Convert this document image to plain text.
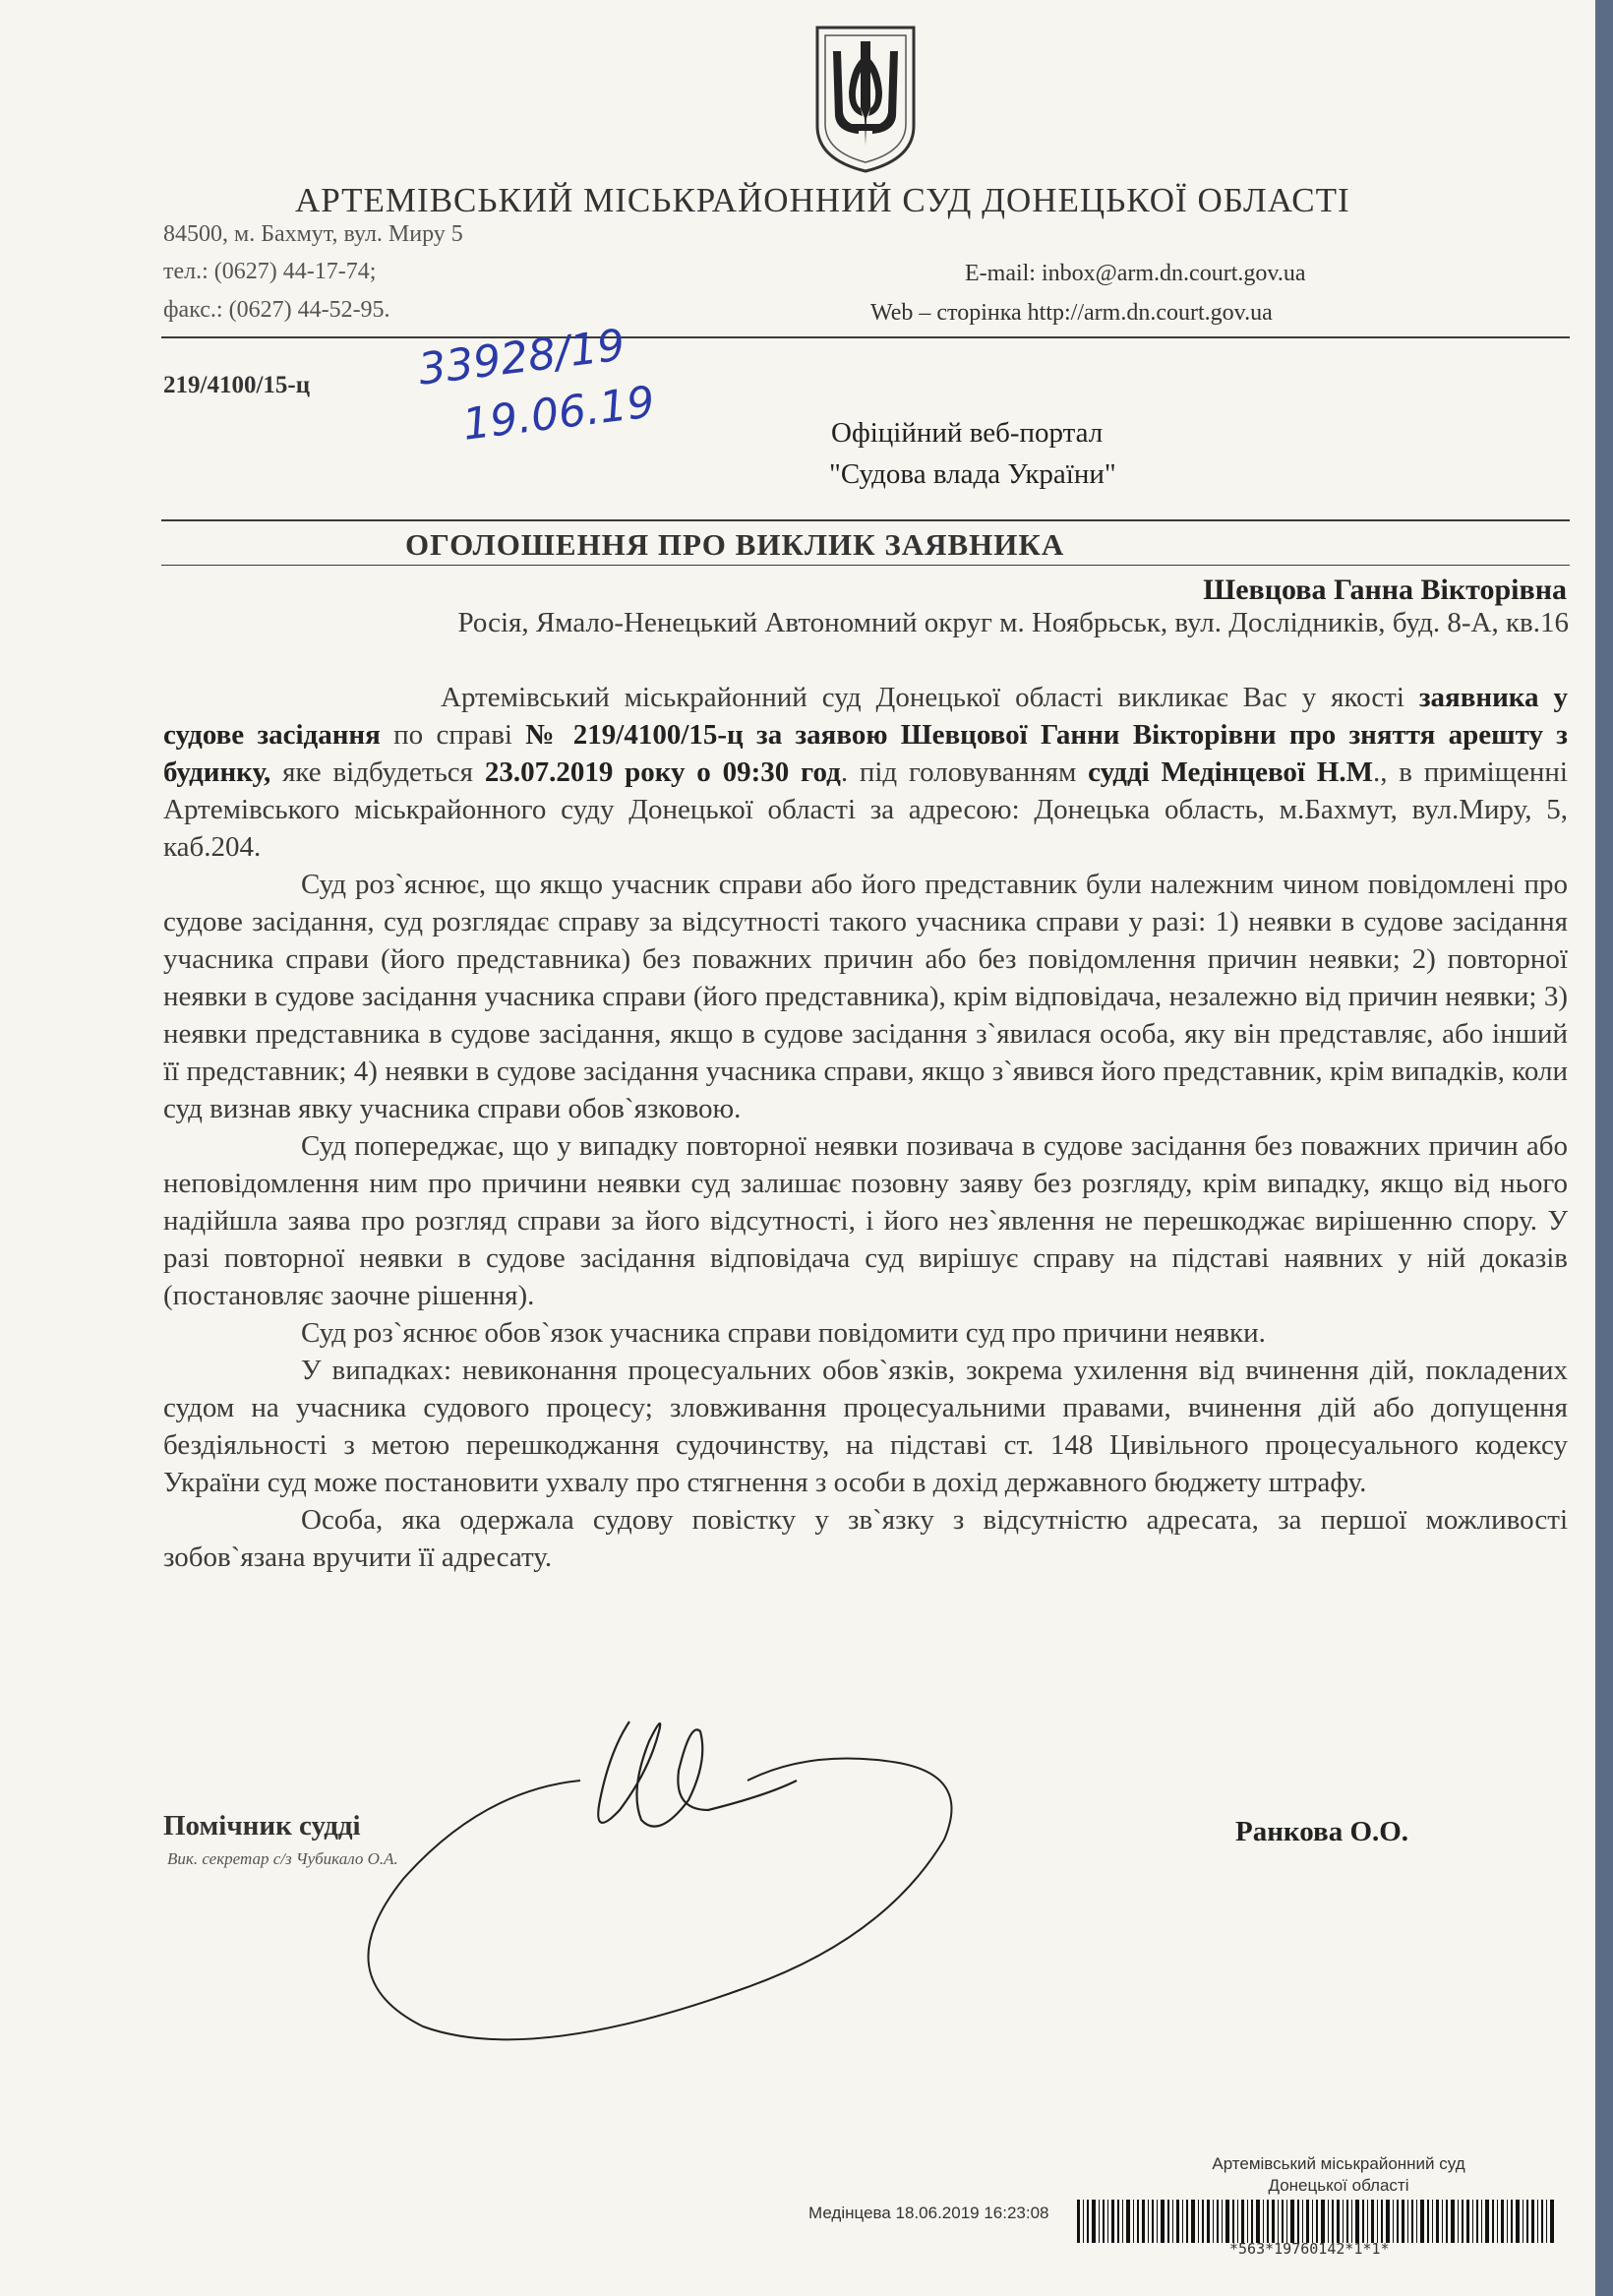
АРТЕМІВСЬКИЙ МІСЬКРАЙОННИЙ СУД ДОНЕЦЬКОЇ ОБЛАСТІ
84500, м. Бахмут, вул. Миру 5
тел.: (0627) 44-17-74;
факс.: (0627) 44-52-95.
E-mail: inbox@arm.dn.court.gov.ua
Web – сторінка http://arm.dn.court.gov.ua
219/4100/15-ц 33928/19
19.06.19	Офіційний веб-портал
"Судова влада України"
ОГОЛОШЕННЯ ПРО ВИКЛИК ЗАЯВНИКА
Шевцова Ганна Вікторівна
Росія, Ямало-Ненецький Автономний округ м. Ноябрьськ, вул. Дослідників, буд. 8-А, кв.16

Артемівський міськрайонний суд Донецької області викликає Вас у якості заявника у судове засідання по справі № 219/4100/15-ц за заявою Шевцової Ганни Вікторівни про зняття арешту з будинку, яке відбудеться 23.07.2019 року о 09:30 год. під головуванням судді Медінцевої Н.М., в приміщенні Артемівського міськрайонного суду Донецької області за адресою: Донецька область, м.Бахмут, вул.Миру, 5, каб.204.

Суд роз`яснює, що якщо учасник справи або його представник були належним чином повідомлені про судове засідання, суд розглядає справу за відсутності такого учасника справи у разі: 1) неявки в судове засідання учасника справи (його представника) без поважних причин або без повідомлення причин неявки; 2) повторної неявки в судове засідання учасника справи (його представника), крім відповідача, незалежно від причин неявки; 3) неявки представника в судове засідання, якщо в судове засідання з`явилася особа, яку він представляє, або інший її представник; 4) неявки в судове засідання учасника справи, якщо з`явився його представник, крім випадків, коли суд визнав явку учасника справи обов`язковою.

Суд попереджає, що у випадку повторної неявки позивача в судове засідання без поважних причин або неповідомлення ним про причини неявки суд залишає позовну заяву без розгляду, крім випадку, якщо від нього надійшла заява про розгляд справи за його відсутності, і його нез`явлення не перешкоджає вирішенню спору. У разі повторної неявки в судове засідання відповідача суд вирішує справу на підставі наявних у ній доказів (постановляє заочне рішення).

Суд роз`яснює обов`язок учасника справи повідомити суд про причини неявки.

У випадках: невиконання процесуальних обов`язків, зокрема ухилення від вчинення дій, покладених судом на учасника судового процесу; зловживання процесуальними правами, вчинення дій або допущення бездіяльності з метою перешкоджання судочинству, на підставі ст. 148 Цивільного процесуального кодексу України суд може постановити ухвалу про стягнення з особи в дохід державного бюджету штрафу.

Особа, яка одержала судову повістку у зв`язку з відсутністю адресата, за першої можливості зобов`язана вручити її адресату.

Помічник судді
Вик. секретар с/з Чубикало О.А.
Ранкова О.О.
Артемівський міськрайонний суд
Донецької області
Медінцева 18.06.2019 16:23:08
*563*19760142*1*1*
